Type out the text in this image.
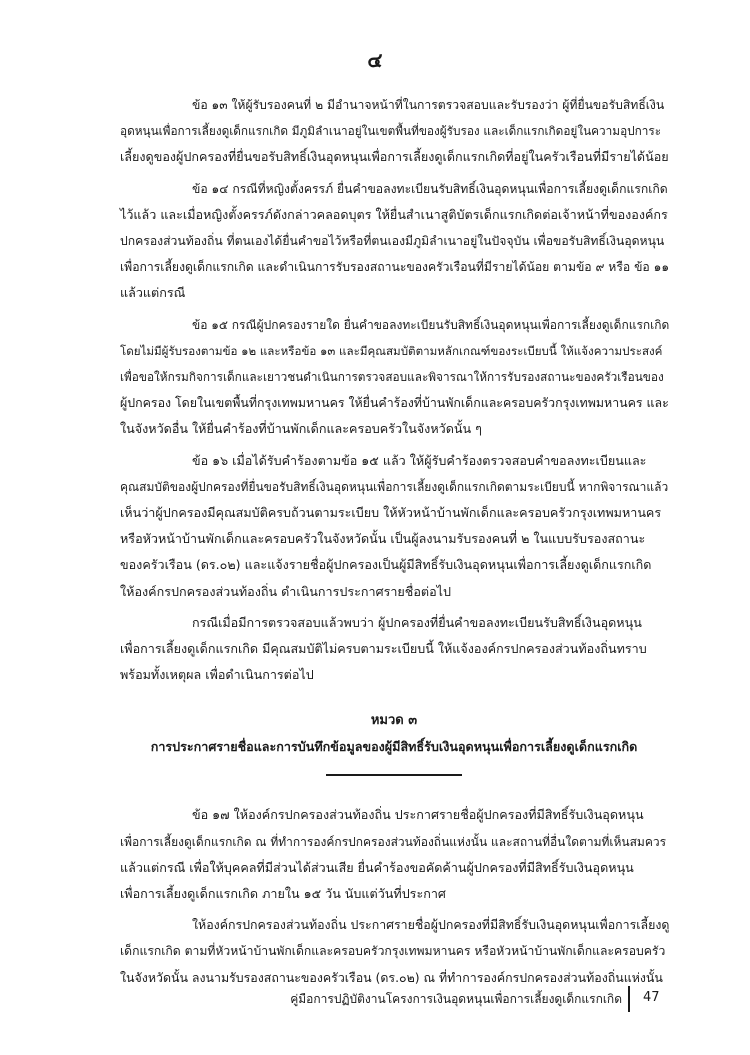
๔
ข้อ ๑๓ ให้ผู้รับรองคนที่ ๒ มีอำนาจหน้าที่ในการตรวจสอบและรับรองว่า ผู้ที่ยื่นขอรับสิทธิ์เงิน
อุดหนุนเพื่อการเลี้ยงดูเด็กแรกเกิด มีภูมิลำเนาอยู่ในเขตพื้นที่ของผู้รับรอง และเด็กแรกเกิดอยู่ในความอุปการะ
เลี้ยงดูของผู้ปกครองที่ยื่นขอรับสิทธิ์เงินอุดหนุนเพื่อการเลี้ยงดูเด็กแรกเกิดที่อยู่ในครัวเรือนที่มีรายได้น้อย
ข้อ ๑๔ กรณีที่หญิงตั้งครรภ์ ยื่นคำขอลงทะเบียนรับสิทธิ์เงินอุดหนุนเพื่อการเลี้ยงดูเด็กแรกเกิด
ไว้แล้ว และเมื่อหญิงตั้งครรภ์ดังกล่าวคลอดบุตร ให้ยื่นสำเนาสูติบัตรเด็กแรกเกิดต่อเจ้าหน้าที่ขององค์กร
ปกครองส่วนท้องถิ่น ที่ตนเองได้ยื่นคำขอไว้หรือที่ตนเองมีภูมิลำเนาอยู่ในปัจจุบัน เพื่อขอรับสิทธิ์เงินอุดหนุน
เพื่อการเลี้ยงดูเด็กแรกเกิด และดำเนินการรับรองสถานะของครัวเรือนที่มีรายได้น้อย ตามข้อ ๙ หรือ ข้อ ๑๑
แล้วแต่กรณี
ข้อ ๑๕ กรณีผู้ปกครองรายใด ยื่นคำขอลงทะเบียนรับสิทธิ์เงินอุดหนุนเพื่อการเลี้ยงดูเด็กแรกเกิด
โดยไม่มีผู้รับรองตามข้อ ๑๒ และหรือข้อ ๑๓ และมีคุณสมบัติตามหลักเกณฑ์ของระเบียบนี้ ให้แจ้งความประสงค์
เพื่อขอให้กรมกิจการเด็กและเยาวชนดำเนินการตรวจสอบและพิจารณาให้การรับรองสถานะของครัวเรือนของ
ผู้ปกครอง โดยในเขตพื้นที่กรุงเทพมหานคร ให้ยื่นคำร้องที่บ้านพักเด็กและครอบครัวกรุงเทพมหานคร และ
ในจังหวัดอื่น ให้ยื่นคำร้องที่บ้านพักเด็กและครอบครัวในจังหวัดนั้น ๆ
ข้อ ๑๖ เมื่อได้รับคำร้องตามข้อ ๑๕ แล้ว ให้ผู้รับคำร้องตรวจสอบคำขอลงทะเบียนและ
คุณสมบัติของผู้ปกครองที่ยื่นขอรับสิทธิ์เงินอุดหนุนเพื่อการเลี้ยงดูเด็กแรกเกิดตามระเบียบนี้ หากพิจารณาแล้ว
เห็นว่าผู้ปกครองมีคุณสมบัติครบถ้วนตามระเบียบ ให้หัวหน้าบ้านพักเด็กและครอบครัวกรุงเทพมหานคร
หรือหัวหน้าบ้านพักเด็กและครอบครัวในจังหวัดนั้น เป็นผู้ลงนามรับรองคนที่ ๒ ในแบบรับรองสถานะ
ของครัวเรือน (ดร.๐๒) และแจ้งรายชื่อผู้ปกครองเป็นผู้มีสิทธิ์รับเงินอุดหนุนเพื่อการเลี้ยงดูเด็กแรกเกิด
ให้องค์กรปกครองส่วนท้องถิ่น ดำเนินการประกาศรายชื่อต่อไป
กรณีเมื่อมีการตรวจสอบแล้วพบว่า ผู้ปกครองที่ยื่นคำขอลงทะเบียนรับสิทธิ์เงินอุดหนุน
เพื่อการเลี้ยงดูเด็กแรกเกิด มีคุณสมบัติไม่ครบตามระเบียบนี้ ให้แจ้งองค์กรปกครองส่วนท้องถิ่นทราบ
พร้อมทั้งเหตุผล เพื่อดำเนินการต่อไป
หมวด ๓
การประกาศรายชื่อและการบันทึกข้อมูลของผู้มีสิทธิ์รับเงินอุดหนุนเพื่อการเลี้ยงดูเด็กแรกเกิด
ข้อ ๑๗ ให้องค์กรปกครองส่วนท้องถิ่น ประกาศรายชื่อผู้ปกครองที่มีสิทธิ์รับเงินอุดหนุน
เพื่อการเลี้ยงดูเด็กแรกเกิด ณ ที่ทำการองค์กรปกครองส่วนท้องถิ่นแห่งนั้น และสถานที่อื่นใดตามที่เห็นสมควร
แล้วแต่กรณี เพื่อให้บุคคลที่มีส่วนได้ส่วนเสีย ยื่นคำร้องขอคัดค้านผู้ปกครองที่มีสิทธิ์รับเงินอุดหนุน
เพื่อการเลี้ยงดูเด็กแรกเกิด ภายใน ๑๕ วัน นับแต่วันที่ประกาศ
ให้องค์กรปกครองส่วนท้องถิ่น ประกาศรายชื่อผู้ปกครองที่มีสิทธิ์รับเงินอุดหนุนเพื่อการเลี้ยงดู
เด็กแรกเกิด ตามที่หัวหน้าบ้านพักเด็กและครอบครัวกรุงเทพมหานคร หรือหัวหน้าบ้านพักเด็กและครอบครัว
ในจังหวัดนั้น ลงนามรับรองสถานะของครัวเรือน (ดร.๐๒) ณ ที่ทำการองค์กรปกครองส่วนท้องถิ่นแห่งนั้น
คู่มือการปฏิบัติงานโครงการเงินอุดหนุนเพื่อการเลี้ยงดูเด็กแรกเกิด 47
